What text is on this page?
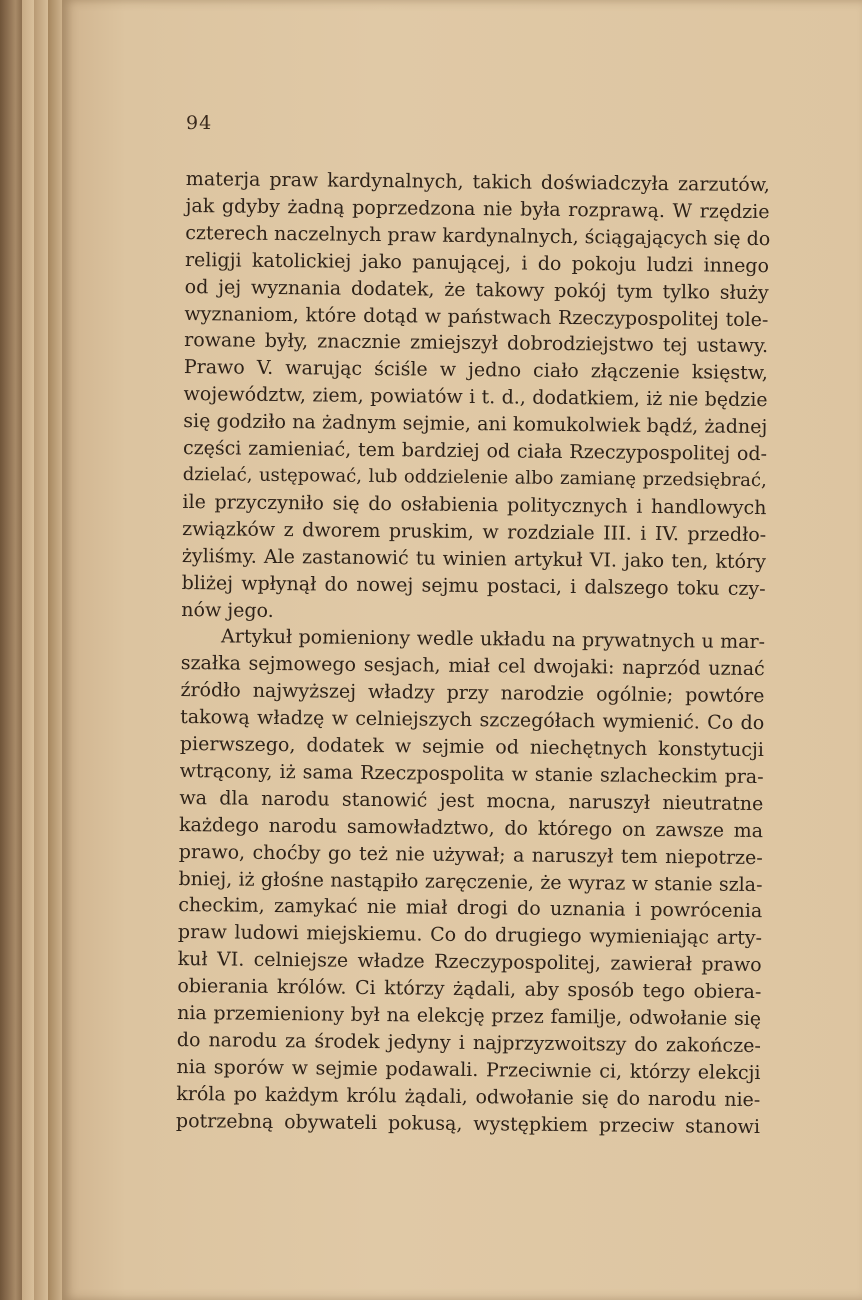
94

materja praw kardynalnych, takich doświadczyła zarzutów,
jak gdyby żadną poprzedzona nie była rozprawą. W rzędzie
czterech naczelnych praw kardynalnych, ściągających się do
religji katolickiej jako panującej, i do pokoju ludzi innego
od jej wyznania dodatek, że takowy pokój tym tylko służy
wyznaniom, które dotąd w państwach Rzeczypospolitej tole-
rowane były, znacznie zmiejszył dobrodziejstwo tej ustawy.
Prawo V. warując ściśle w jedno ciało złączenie księstw,
województw, ziem, powiatów i t. d., dodatkiem, iż nie będzie
się godziło na żadnym sejmie, ani komukolwiek bądź, żadnej
części zamieniać, tem bardziej od ciała Rzeczypospolitej od-
dzielać, ustępować, lub oddzielenie albo zamianę przedsiębrać,
ile przyczyniło się do osłabienia politycznych i handlowych
związków z dworem pruskim, w rozdziale III. i IV. przedło-
żyliśmy. Ale zastanowić tu winien artykuł VI. jako ten, który
bliżej wpłynął do nowej sejmu postaci, i dalszego toku czy-
nów jego.

Artykuł pomieniony wedle układu na prywatnych u mar-
szałka sejmowego sesjach, miał cel dwojaki: naprzód uznać
źródło najwyższej władzy przy narodzie ogólnie; powtóre
takową władzę w celniejszych szczegółach wymienić. Co do
pierwszego, dodatek w sejmie od niechętnych konstytucji
wtrącony, iż sama Rzeczpospolita w stanie szlacheckim pra-
wa dla narodu stanowić jest mocna, naruszył nieutratne
każdego narodu samowładztwo, do którego on zawsze ma
prawo, choćby go też nie używał; a naruszył tem niepotrze-
bniej, iż głośne nastąpiło zaręczenie, że wyraz w stanie szla-
checkim, zamykać nie miał drogi do uznania i powrócenia
praw ludowi miejskiemu. Co do drugiego wymieniając arty-
kuł VI. celniejsze władze Rzeczypospolitej, zawierał prawo
obierania królów. Ci którzy żądali, aby sposób tego obiera-
nia przemieniony był na elekcję przez familje, odwołanie się
do narodu za środek jedyny i najprzyzwoitszy do zakończe-
nia sporów w sejmie podawali. Przeciwnie ci, którzy elekcji
króla po każdym królu żądali, odwołanie się do narodu nie-
potrzebną obywateli pokusą, występkiem przeciw stanowi
